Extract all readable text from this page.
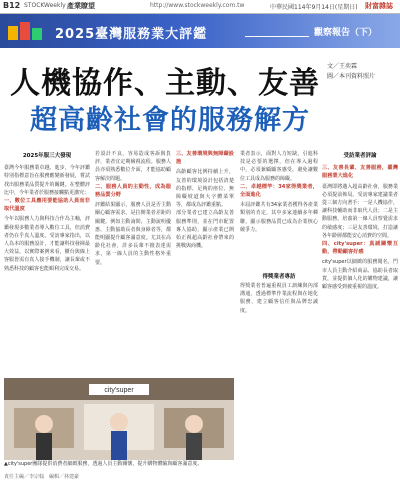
B12 STOCK Weekly 產業瞭望	http://www.stockweekly.com.tw	中華民國114年9月14日(星期日) 財富雜誌
2025臺灣服務業大評鑑	觀察報告（下）
人機協作、主動、友善
超高齡社會的服務解方
文／王奕霖
圖／本刊資料照片
2025年服三大發現

臺灣今年服務業卓越、進步，今年評鑑特別指標意旨在服務應變新發展，嘗試找出服務業品質提升的關鍵。在整體評比中，今年業者於服務接觸點更講究；

一、數位工具應用要能協助人員而非取代溫度

今年以服務人力與科技合作為主軸，評鑑發現多數業者導入數位工具，但消費者仍在乎真人溫度。受訪專家指出，以人為本的服務設計，才能讓科技發揮最大效益。以實際案例來看，櫃台與線上客服皆需有真人接手機制，讓長輩或不熟悉科技的顧客也能順利完成交易。

若設計不良，容易造成客訴與負評，業者宜定期檢視流程。服務人員亦須熟悉數位介面，才能協助顧客解決問題。

二、服務人員的主動性，成為服務品質分野

評鑑結果顯示，服務人員是否主動關心顧客需求，是拉開業者差距的關鍵。例如主動詢問、主動說明優惠、主動協助長者與身障者等，都能明顯提升顧客滿意度。尤其在高齡化社會，許多長輩不擅表達需求，第一線人員的主動性格外重要。

三、友善環境與無障礙設施

高齡顧客比例持續上升，友善的環境設計包括清楚的指標、足夠的座位、無障礙坡道與大字體菜單等，都成為評鑑重點。

部分業者已建立高齡友善服務準則，並在門市配置專人協助，顯示產業已開始正視超高齡社會帶來的挑戰與商機。

業者表示，面對人力短缺，引進科技是必要的選擇，但在導入過程中，必須兼顧顧客感受，避免讓數位工具成為服務的障礙。

二、卓越標竿：34家得獎業者，全面進化

本屆評鑑共有34家業者獲得各產業類別的肯定，其中多家連續多年蟬聯，顯示服務品質已成為企業核心競爭力。

得獎業者專訪

得獎業者普遍重視員工訓練與內部溝通，透過標準作業流程與在地化服務，建立顧客信任與品牌忠誠度。

受訪業者評論
三、友善長輩、友善服務，臺灣服務業大進化

臺灣即將邁入超高齡社會，服務業必須提前佈局。受訪專家建議業者從三個方向著手：一是人機協作，讓科技輔助而非取代人員；二是主動服務，培養第一線人員察覺需求的敏感度；三是友善環境，打造讓各年齡層都能安心消費的空間。

四、city'super：真誠關懷互動，帶動顧客好感

city'super以細緻的服務聞名，門市人員主動介紹商品、協助長者取貨，並提供個人化的購物建議，讓顧客感受到被重視的溫度。

city'super
▲city'super團隊提供消費者細緻服務，透過人員主動關懷，提升購物體驗與顧客滿意度。
責任主編／李宗翰　編輯／林建豪
